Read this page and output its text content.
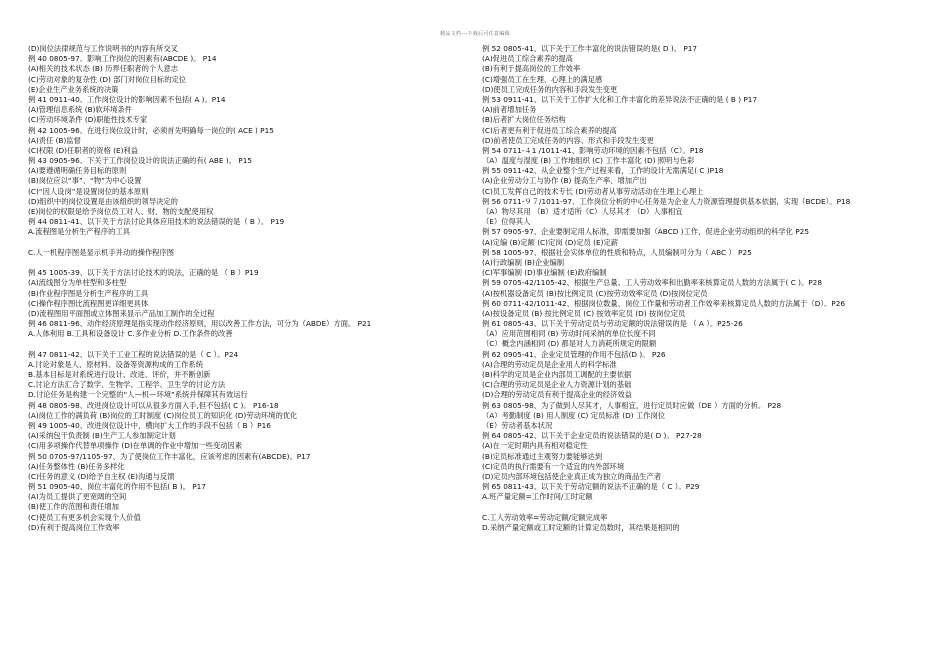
精品文档---下载后可任意编辑
(D)岗位法律规范与工作说明书的内容有所交叉
例 40 0805-97、影响工作岗位的因素有(ABCDE )。 P14
(A)相关的技术状态 (B) 历界任职者的个人意志
(C)劳动对象的复杂性 (D) 部门对岗位目标的定位
(E)企业生产业务系统的决策
例 41 0911-40、工作岗位设计的影响因素不包括( A )。P14
(A)管理信息系统 (B)软环境条件
(C)劳动环境条件 (D)职能性技术专家
例 42 1005-96、在进行岗位设计时，必须首先明确每一岗位的( ACE ) P15
(A)责任 (B)监督
(C)权限 (D)任职者的资格 (E)利益
例 43 0905-96、下关于工作岗位设计的说法正确的有( ABE )。 P15
(A)要遵循明确任务目标的原则
(B)岗位应以“事”、“物”为中心设置
(C)“因人设岗”是设置岗位的基本原则
(D)组织中的岗位设置是由该组织的领导决定的
(E)岗位的权限是给予岗位员工对人、财、物的支配使用权
例 44 0811-41、以下关于方法讨论具体应用技术的说法错误的是（ B ）。 P19
A.流程图是分析生产程序的工具
C.人一机程序图是显示机手并动的操作程序图
例 45 1005-39、以下关于方法讨论技术的说法，正确的是 （ B ）P19
(A)流线图分为单柱型和多柱型
(B)作业程序图是分析生产程序的工具
(C)操作程序图比流程图更详细更具体
(D)流程图用平面图或立体图来显示产品加工制作的全过程
例 46 0811-96、动作经济原理是指实现动作经济原则，用以改善工作方法，可分为（ABDE）方面。 P21
A.人体利用 B.工具和设备设计 C.多作业分析 D.工作条件的改善
例 47 0811-42、以下关于工业工程的说法错误的是（ C ）。P24
A.讨论对象是人、原材料、设备等资源构成的工作系统
B.基本目标是对系统进行设计、改进、评价，并不断创新
C.讨论方法汇合了数学、生物学、工程学、卫生学的讨论方法
D.讨论任务是构建一个完整的“人—机—环境”系统并保障其有效运行
例 48 0805-98、改进岗位设计可以从很多方面入手,但不包括( C )。 P16-18
(A)岗位工作的满负荷 (B)岗位的工时制度 (C)岗位员工的知识化 (D)劳动环境的优化
例 49 1005-40、改进岗位设计中，横向扩大工作的手段不包括（ B ）P16
(A)采纳包干负责制 (B)生产工人参加制定计划
(C)用多项操作代替单项操作 (D)在单调的作业中增加一些变动因素
例 50 0705-97/1105-97、为了使岗位工作丰富化，应该考虑的因素有(ABCDE)。P17
(A)任务整体性 (B)任务多样化
(C)任务的意义 (D)给予自主权 (E)沟通与反馈
例 51 0905-40、岗位丰富化的作用不包括( B )。 P17
(A)为员工提供了更宽阔的空间
(B)使工作的范围和责任增加
(C)使员工有更多机会实现个人价值
(D)有利于提高岗位工作效率
例 52 0805-41、以下关于工作丰富化的说法错误的是( D )。 P17
(A)促进员工综合素养的提高
(B)有利于提高岗位的工作效率
(C)增强员工在生理、心理上的满足感
(D)使员工完成任务的内容和手段发生变更
例 53 0911-41、以下关于工作扩大化和工作丰富化的差异说法不正确的是 ( B ) P17
(A)前者增加任务
(B)后者扩大岗位任务结构
(C)后者更有利于促进员工综合素养的提高
(D)前者使员工完成任务的内容、形式和手段发生变更
例 54 0711-４1 /1011-41、影响劳动环境的因素不包括（C）。P18
（A）温度与湿度 (B) 工作地组织 (C) 工作丰富化 (D) 照明与色彩
例 55 0911-42、从企业整个生产过程来看，工作的设计无需满足( C )P18
(A)企业劳动分工与协作 (B) 提高生产率、增加产出
(C)员工发挥自己的技术专长 (D)劳动者从事劳动活动在生理上心理上
例 56 0711-９７/1011-97、工作岗位分析的中心任务是为企业人力资源管理提供基本依据，实现（BCDE）。P18
（A）物尽其用 （B）适才适所（C）人尽其才 （D）人事相宜
（E）位得其人
例 57 0905-97、企业要制定用人标准，即需要加强（ABCD )工作，促进企业劳动组织的科学化 P25
(A)定编 (B)定额 (C)定岗 (D)定员 (E)定薪
例 58 1005-97、根据社会实体单位的性质和特点，人员编制可分为（ ABC ） P25
(A)行政编制 (B)企业编制
(C)军事编制 (D)事业编制 (E)政府编制
例 59 0705-42/1105-42、根据生产总量、工人劳动效率和出勤率来核算定员人数的方法属于( C )。P28
(A)按机器设备定员 (B)按比例定员 (C)按劳动效率定员 (D)按岗位定员
例 60 0711-42/1011-42、根据岗位数量、岗位工作量和劳动者工作效率来核算定员人数的方法属于（D）。P26
(A)按设备定员 (B) 按比例定员 (C) 按效率定员 (D) 按岗位定员
例 61 0805-43、以下关于劳动定员与劳动定额的说法错误的是 （ A ）。P25-26
（A）应用范围相同 (B) 劳动时间采纳的单位长度不同
（C）概念内涵相同 (D) 都是对人力消耗所规定的限额
例 62 0905-41、企业定员管理的作用不包括(D )。 P26
(A)合理的劳动定员是企业用人的科学标准
(B)科学的定员是企业内部员工调配的主要依据
(C)合理的劳动定员是企业人力资源计划的基础
(D)合理的劳动定员有利于提高企业的经济效益
例 63 0805-98、为了做到人尽其才，人事相宜，进行定员时应做（DE ）方面的分析。 P28
（A）考勤制度 (B) 用人制度 (C) 定员标准 (D) 工作岗位
（E）劳动者基本状况
例 64 0805-42、以下关于企业定员的说法错误的是( D )。 P27-28
(A)在一定时期内具有相对稳定性
(B)定员标准通过主观努力要能够达到
(C)定员的执行需要有一个适宜的内外部环境
(D)定员内部环境包括使企业真正成为独立的商品生产者
例 65 0811-43、以下关于劳动定额的说法不正确的是（ C ）。P29
A.班产量定额=工作时间/工时定额
C.工人劳动效率=劳动定额/定额完成率
D.采纳产量定额或工时定额的计算定员数时，其结果是相同的
